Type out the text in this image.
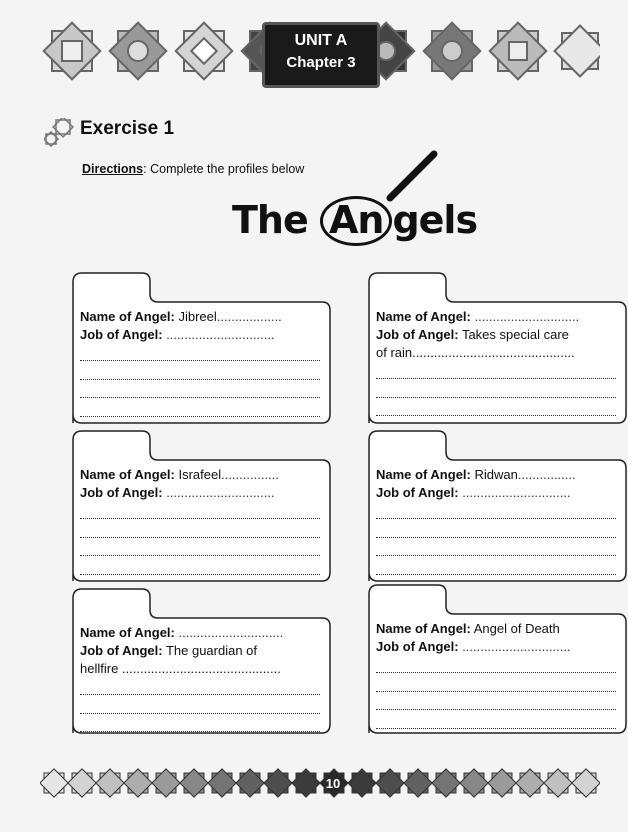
UNIT A
Chapter 3
Exercise 1
Directions: Complete the profiles below
The An gels
Name of Angel: Jibreel..................
Job of Angel: ..............................
Name of Angel: .............................
Job of Angel: Takes special care
of rain.............................................
Name of Angel: Israfeel................
Job of Angel: ..............................
Name of Angel: Ridwan................
Job of Angel: ..............................
Name of Angel: .............................
Job of Angel: The guardian of
hellfire ............................................
Name of Angel: Angel of Death
Job of Angel: ..............................
10
